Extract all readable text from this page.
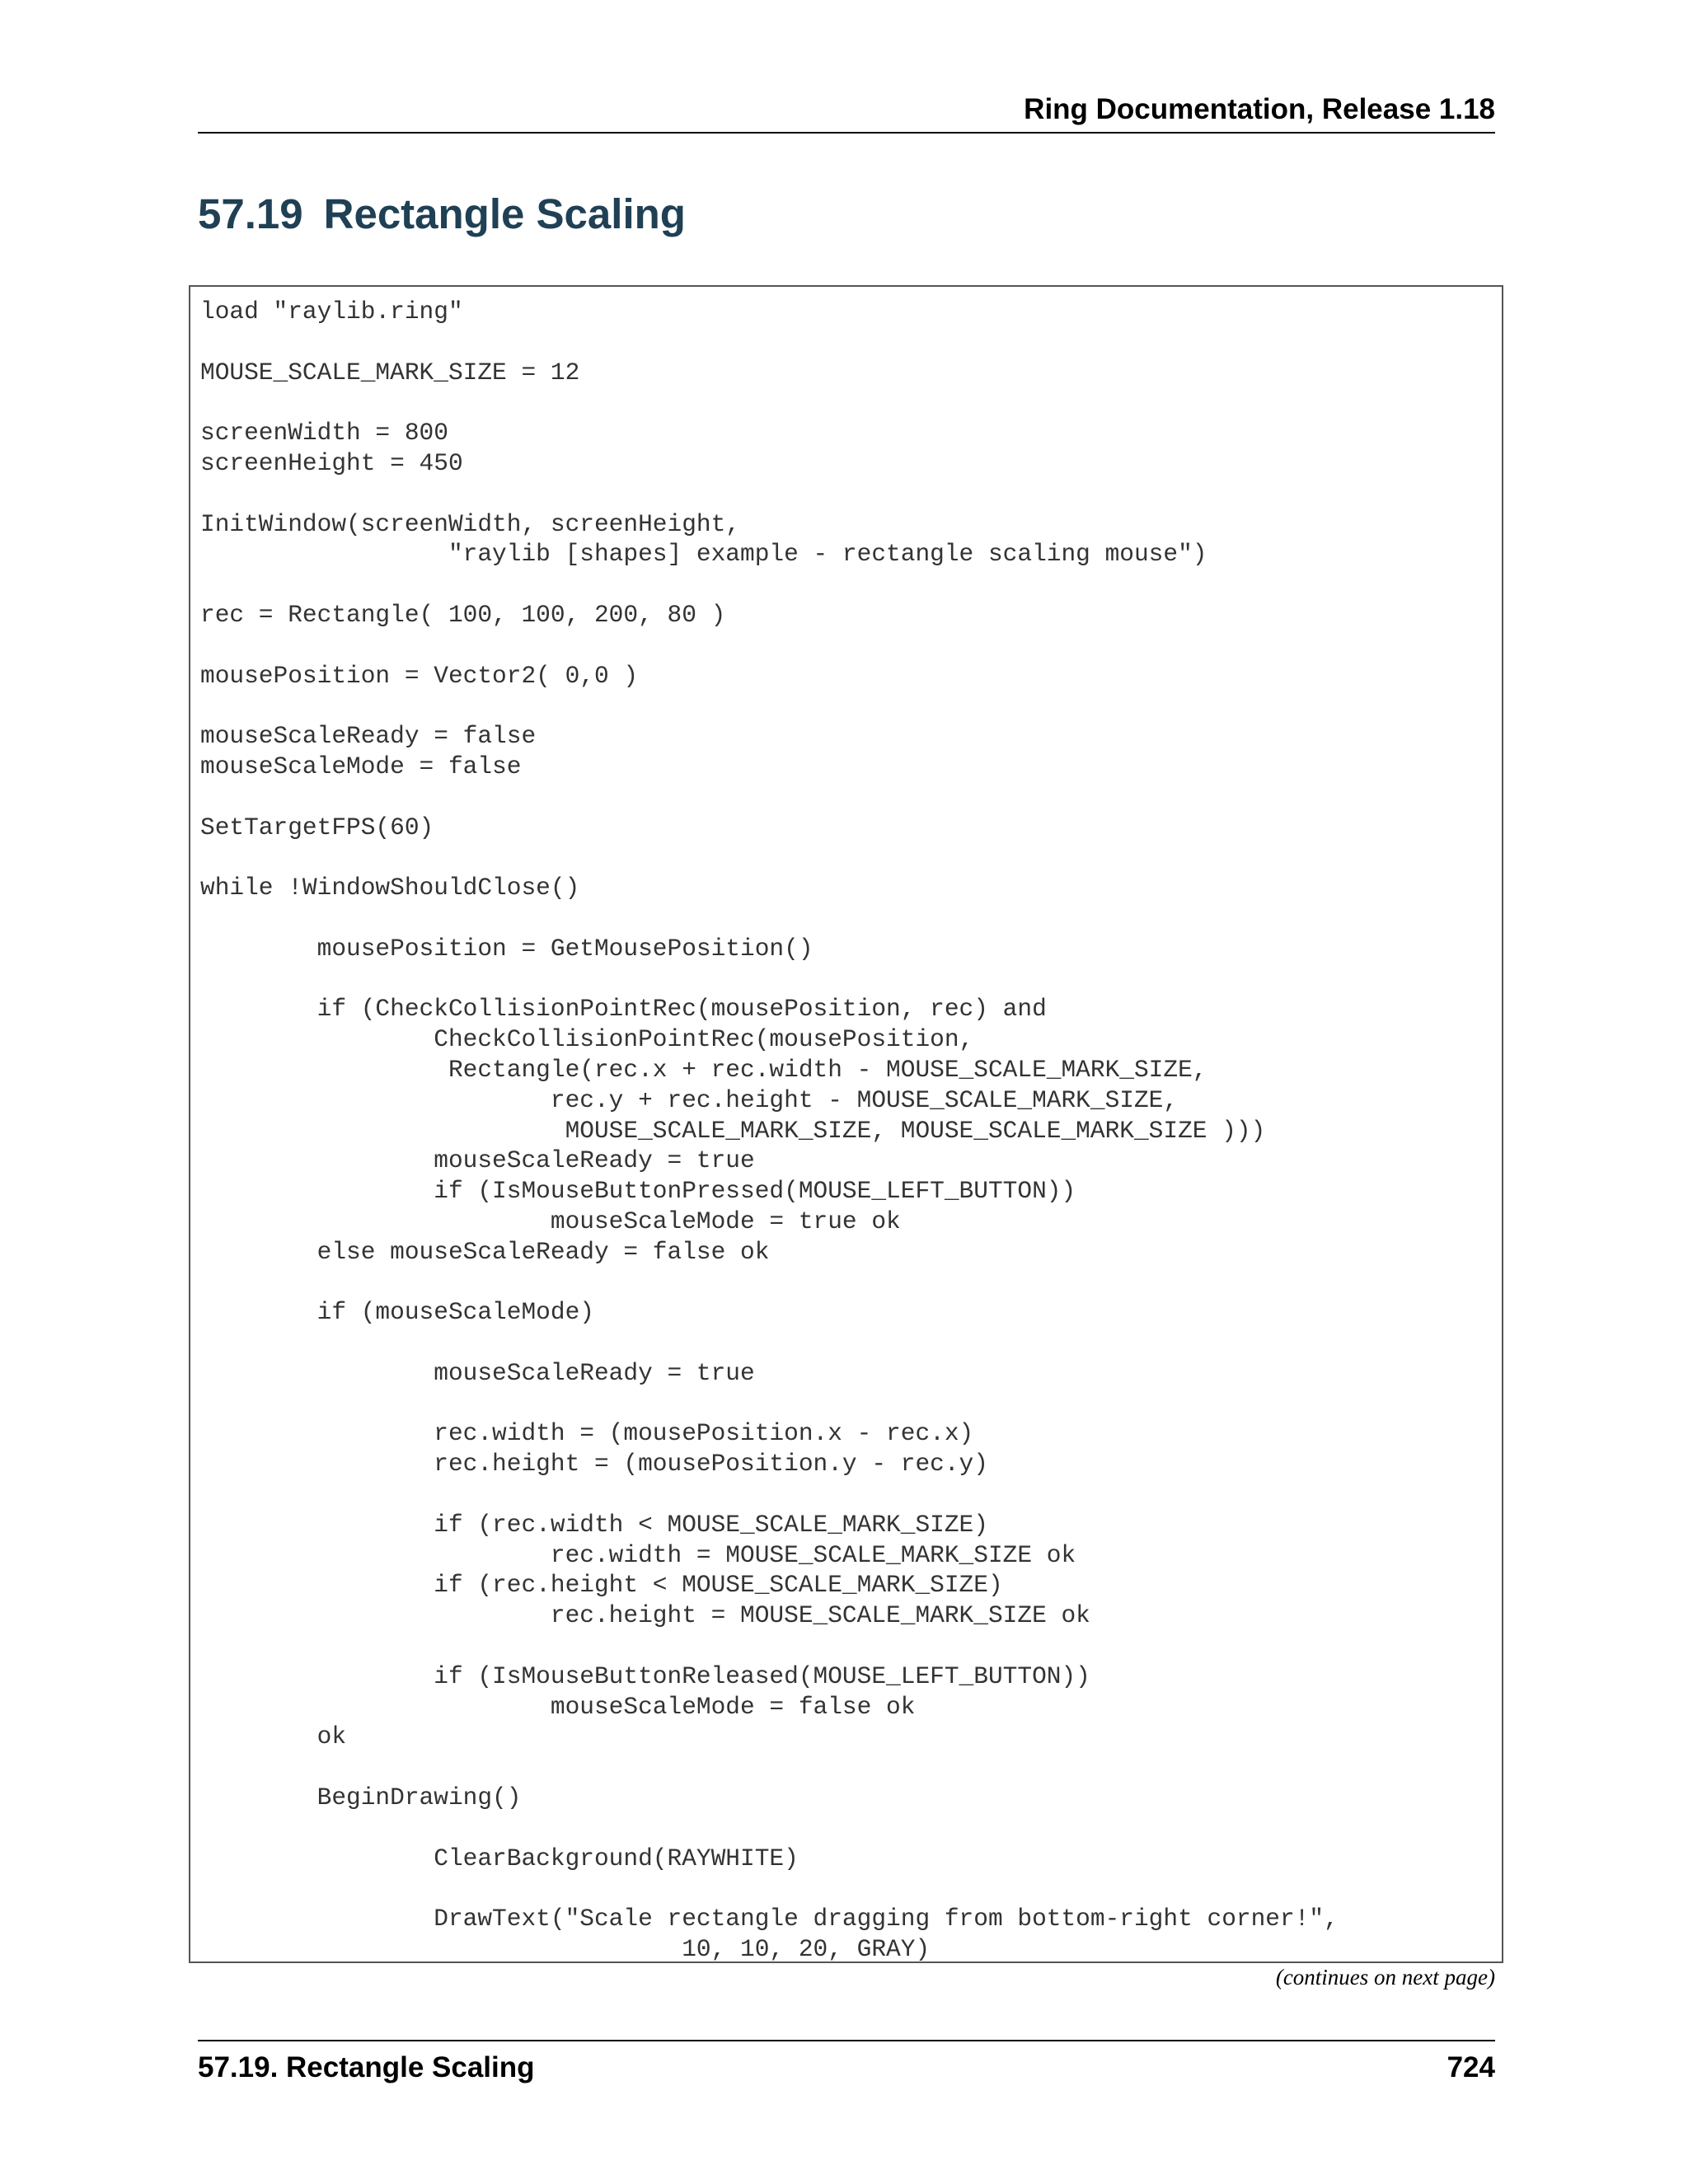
Ring Documentation, Release 1.18
57.19 Rectangle Scaling
load "raylib.ring"
MOUSE_SCALE_MARK_SIZE = 12
screenWidth = 800
screenHeight = 450
InitWindow(screenWidth, screenHeight,
"raylib [shapes] example - rectangle scaling mouse")
rec = Rectangle( 100, 100, 200, 80 )
mousePosition = Vector2( 0,0 )
mouseScaleReady = false
mouseScaleMode = false
SetTargetFPS(60)
while !WindowShouldClose()
mousePosition = GetMousePosition()
if (CheckCollisionPointRec(mousePosition, rec) and
CheckCollisionPointRec(mousePosition,
Rectangle(rec.x + rec.width - MOUSE_SCALE_MARK_SIZE,
rec.y + rec.height - MOUSE_SCALE_MARK_SIZE,
MOUSE_SCALE_MARK_SIZE, MOUSE_SCALE_MARK_SIZE )))
mouseScaleReady = true
if (IsMouseButtonPressed(MOUSE_LEFT_BUTTON))
mouseScaleMode = true ok
else mouseScaleReady = false ok
if (mouseScaleMode)
mouseScaleReady = true
rec.width = (mousePosition.x - rec.x)
rec.height = (mousePosition.y - rec.y)
if (rec.width < MOUSE_SCALE_MARK_SIZE)
rec.width = MOUSE_SCALE_MARK_SIZE ok
if (rec.height < MOUSE_SCALE_MARK_SIZE)
rec.height = MOUSE_SCALE_MARK_SIZE ok
if (IsMouseButtonReleased(MOUSE_LEFT_BUTTON))
mouseScaleMode = false ok
ok
BeginDrawing()
ClearBackground(RAYWHITE)
DrawText("Scale rectangle dragging from bottom-right corner!",
10, 10, 20, GRAY)
(continues on next page)
57.19. Rectangle Scaling	724
